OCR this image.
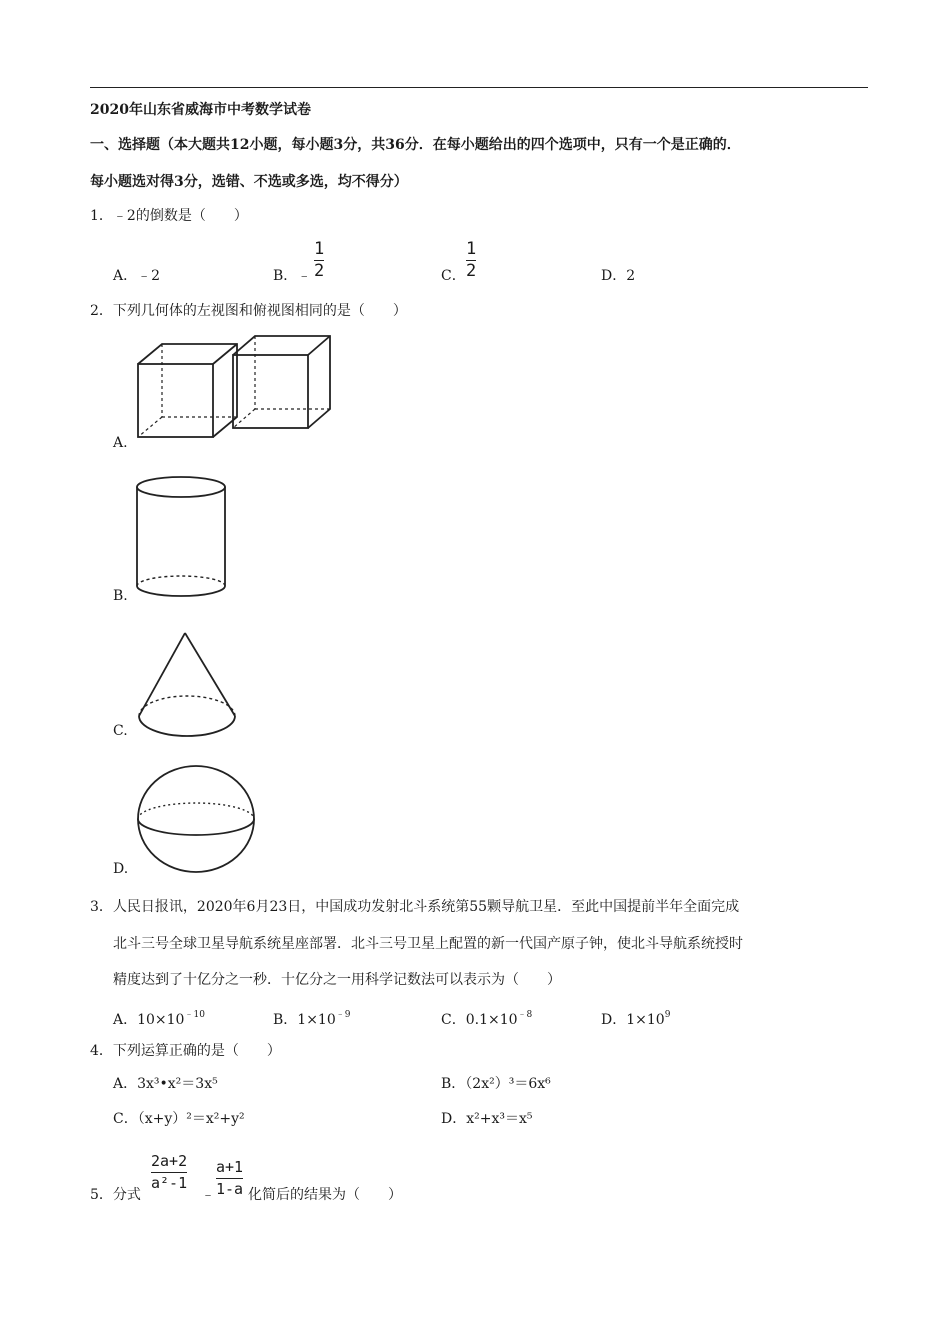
2020年山东省威海市中考数学试卷
一、选择题（本大题共12小题，每小题3分，共36分．在每小题给出的四个选项中，只有一个是正确的．
每小题选对得3分，选错、不选或多选，均不得分）
1．﹣2的倒数是（　　）
A．﹣2	B．﹣
1
2	C．
1
2	D．2
2．下列几何体的左视图和俯视图相同的是（　　）
A.
B.
C.
D.
3．人民日报讯，2020年6月23日，中国成功发射北斗系统第55颗导航卫星．至此中国提前半年全面完成
北斗三号全球卫星导航系统星座部署．北斗三号卫星上配置的新一代国产原子钟，使北斗导航系统授时
精度达到了十亿分之一秒．十亿分之一用科学记数法可以表示为（　　）
A．$10\times 10^{﹣10}$	B．$1\times 10^{﹣9}$	C．$0.1\times 10^{﹣8}$	D．$1\times 10^9$
4．下列运算正确的是（　　）
A．3x³•x²＝3x⁵	B．（2x²）³＝6x⁶
C．（x+y）²＝x²+y²	D．x²+x³＝x⁵
5．分式
2a+2
a²-1
﹣
a+1
1-a 化简后的结果为（　　）
